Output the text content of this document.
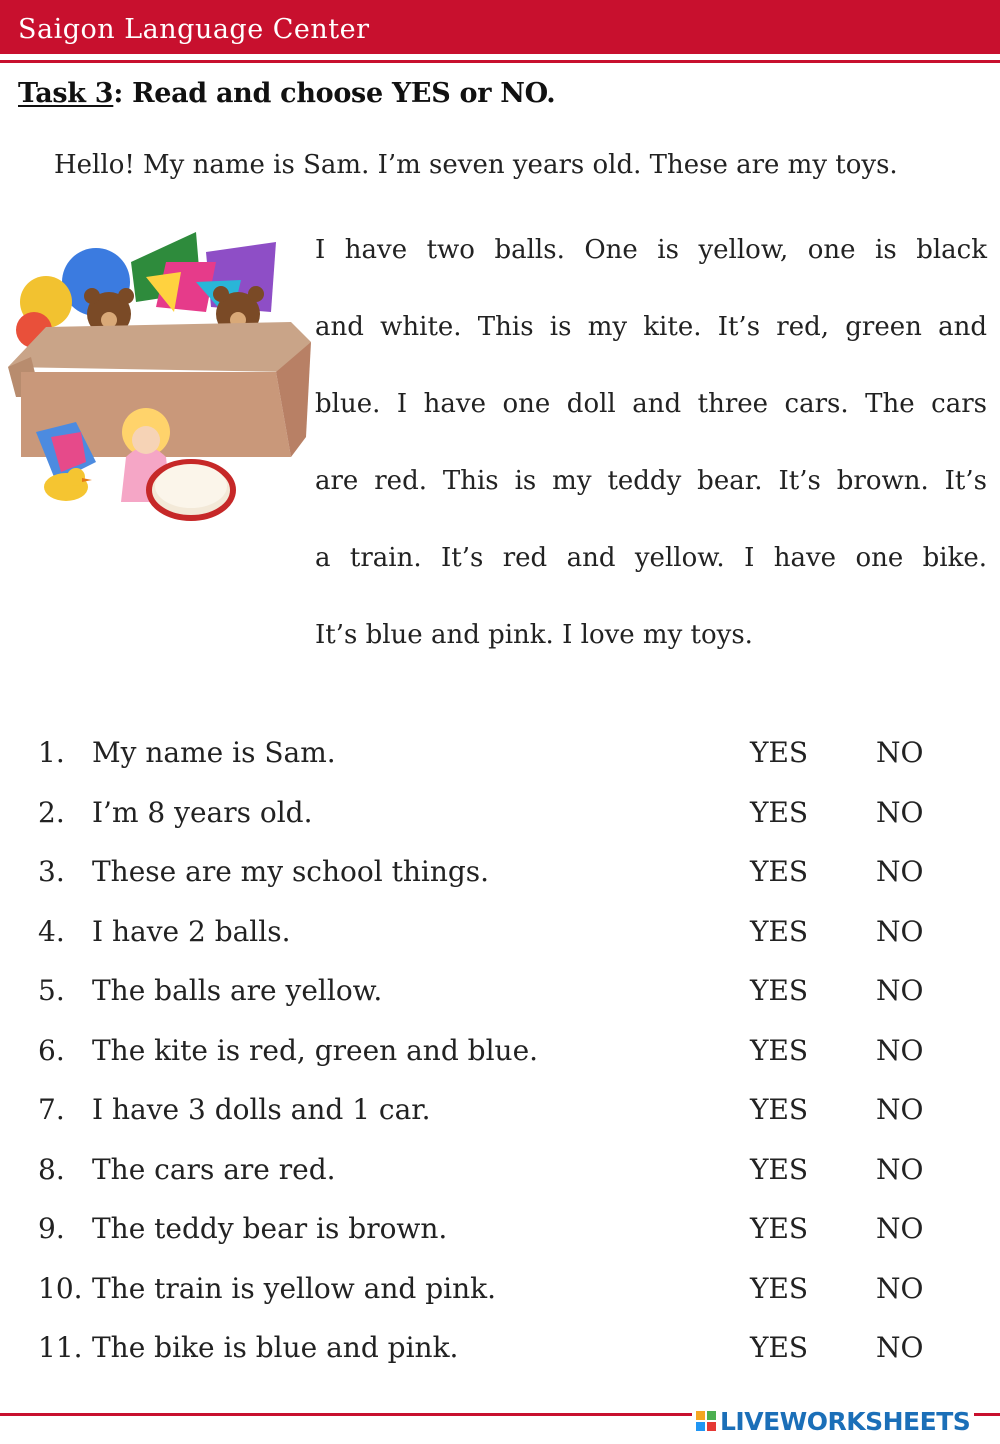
Saigon Language Center
Task 3: Read and choose YES or NO.
Hello! My name is Sam. I’m seven years old. These are my toys.
I have two balls. One is yellow, one is black
and white. This is my kite. It’s red, green and
blue. I have one doll and three cars. The cars
are red. This is my teddy bear. It’s brown. It’s
a train. It’s red and yellow. I have one bike.
It’s blue and pink. I love my toys.
1. My name is Sam.	YES NO
2. I’m 8 years old.	YES NO
3. These are my school things.	YES NO
4. I have 2 balls.	YES NO
5. The balls are yellow.	YES NO
6. The kite is red, green and blue.	YES NO
7. I have 3 dolls and 1 car.	YES NO
8. The cars are red.	YES NO
9. The teddy bear is brown.	YES NO
10. The train is yellow and pink.	YES NO
11. The bike is blue and pink.	YES NO
LIVEWORKSHEETS
